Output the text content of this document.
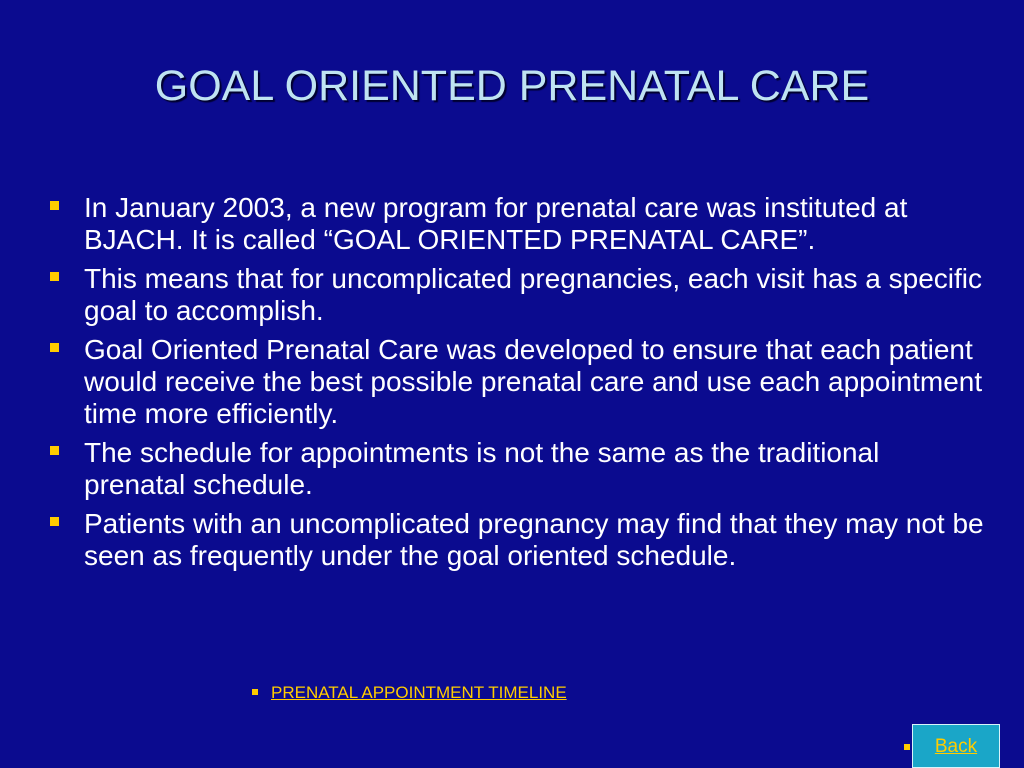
GOAL ORIENTED PRENATAL CARE
In January 2003, a new program for prenatal care was instituted at BJACH. It is called “GOAL ORIENTED PRENATAL CARE”.
This means that for uncomplicated pregnancies, each visit has a specific goal to accomplish.
Goal Oriented Prenatal Care was developed to ensure that each patient would receive the best possible prenatal care and use each appointment time more efficiently.
The schedule for appointments is not the same as the traditional prenatal schedule.
Patients with an uncomplicated pregnancy may find that they may not be seen as frequently under the goal oriented schedule.
PRENATAL APPOINTMENT TIMELINE
Back
